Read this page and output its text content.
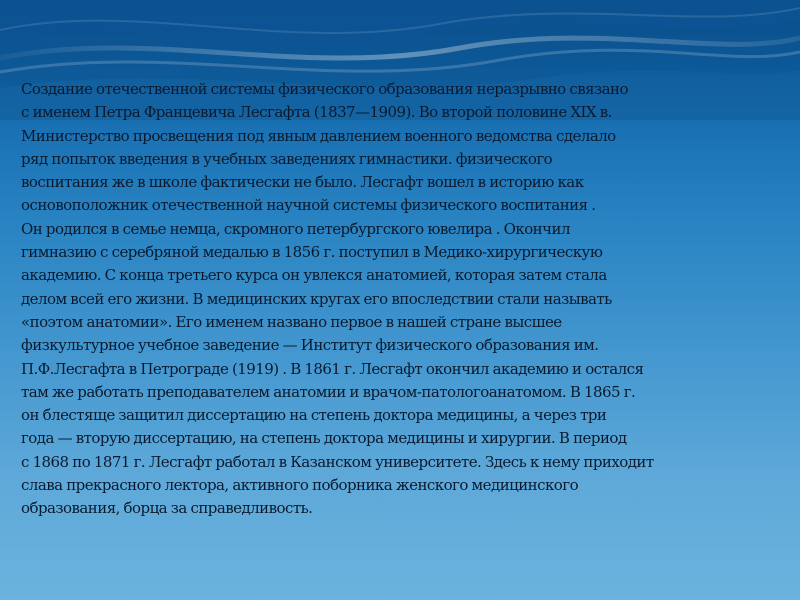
Создание отечественной системы физического образования неразрывно связано
с именем Петра Францевича Лесгафта (1837—1909). Во второй половине XIX в.
Министерство просвещения под явным давлением военного ведомства сделало
ряд попыток введения в учебных заведениях гимнастики. физического
воспитания же в школе фактически не было. Лесгафт вошел в историю как
основоположник отечественной научной системы физического воспитания .
Он родился в семье немца, скромного петербургского ювелира . Окончил
гимназию с серебряной медалью в 1856 г. поступил в Медико-хирургическую
академию. С конца третьего курса он увлекся анатомией, которая затем стала
делом всей его жизни. В медицинских кругах его впоследствии стали называть
«поэтом анатомии». Его именем названо первое в нашей стране высшее
физкультурное учебное заведение — Институт физического образования им.
П.Ф.Лесгафта в Петрограде (1919) . В 1861 г. Лесгафт окончил академию и остался
там же работать преподавателем анатомии и врачом-патологоанатомом. В 1865 г.
он блестяще защитил диссертацию на степень доктора медицины, а через три
года — вторую диссертацию, на степень доктора медицины и хирургии. В период
с 1868 по 1871 г. Лесгафт работал в Казанском университете. Здесь к нему приходит
слава прекрасного лектора, активного поборника женского медицинского
образования, борца за справедливость.
